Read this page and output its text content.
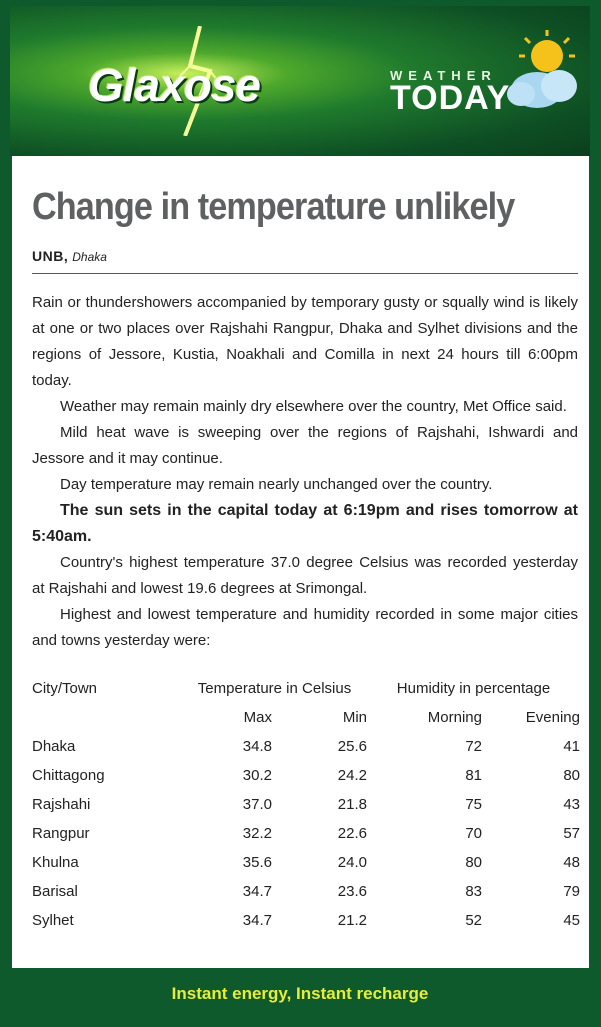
Glaxose	WEATHER
TODAY
Change in temperature unlikely
UNB, Dhaka

Rain or thundershowers accompanied by temporary gusty or squally wind is likely at one or two places over Rajshahi Rangpur, Dhaka and Sylhet divisions and the regions of Jessore, Kustia, Noakhali and Comilla in next 24 hours till 6:00pm today.

Weather may remain mainly dry elsewhere over the country, Met Office said.

Mild heat wave is sweeping over the regions of Rajshahi, Ishwardi and Jessore and it may continue.

Day temperature may remain nearly unchanged over the country.

The sun sets in the capital today at 6:19pm and rises tomorrow at 5:40am.

Country's highest temperature 37.0 degree Celsius was recorded yesterday at Rajshahi and lowest 19.6 degrees at Srimongal.

Highest and lowest temperature and humidity recorded in some major cities and towns yesterday were:

City/Town	Temperature in Celsius		Humidity in percentage	
	Max	Min	Morning	Evening
Dhaka	34.8	25.6	72	41
Chittagong	30.2	24.2	81	80
Rajshahi	37.0	21.8	75	43
Rangpur	32.2	22.6	70	57
Khulna	35.6	24.0	80	48
Barisal	34.7	23.6	83	79
Sylhet	34.7	21.2	52	45
Instant energy, Instant recharge
